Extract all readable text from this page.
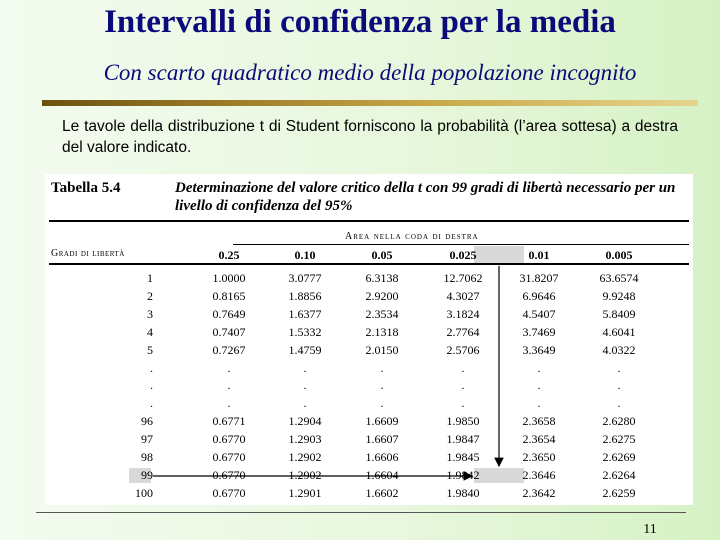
Intervalli di confidenza per la media
Con scarto quadratico medio della popolazione incognito
Le tavole della distribuzione t di Student forniscono la probabilità (l’area sottesa) a destra del valore indicato.
Tabella 5.4	Determinazione del valore critico della t con 99 gradi di libertà necessario per un livello di confidenza del 95%
Area nella coda di destra
Gradi di libertà	0.25	0.10	0.05	0.025	0.01	0.005
1	1.0000	3.0777	6.3138	12.7062	31.8207	63.6574
2	0.8165	1.8856	2.9200	4.3027	6.9646	9.9248
3	0.7649	1.6377	2.3534	3.1824	4.5407	5.8409
4	0.7407	1.5332	2.1318	2.7764	3.7469	4.6041
5	0.7267	1.4759	2.0150	2.5706	3.3649	4.0322
.	.	.	.	.	.	.
.	.	.	.	.	.	.
.	.	.	.	.	.	.
96	0.6771	1.2904	1.6609	1.9850	2.3658	2.6280
97	0.6770	1.2903	1.6607	1.9847	2.3654	2.6275
98	0.6770	1.2902	1.6606	1.9845	2.3650	2.6269
99	0.6770	1.2902	1.6604	1.9842	2.3646	2.6264
100	0.6770	1.2901	1.6602	1.9840	2.3642	2.6259
11
